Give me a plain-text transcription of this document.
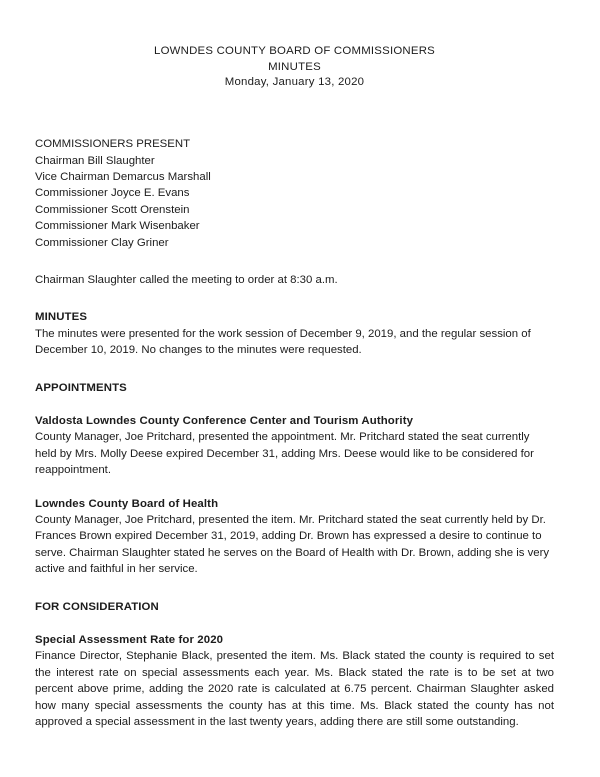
LOWNDES COUNTY BOARD OF COMMISSIONERS
MINUTES
Monday, January 13, 2020
COMMISSIONERS PRESENT
Chairman Bill Slaughter
Vice Chairman Demarcus Marshall
Commissioner Joyce E. Evans
Commissioner Scott Orenstein
Commissioner Mark Wisenbaker
Commissioner Clay Griner
Chairman Slaughter called the meeting to order at 8:30 a.m.
MINUTES
The minutes were presented for the work session of December 9, 2019, and the regular session of December 10, 2019. No changes to the minutes were requested.
APPOINTMENTS
Valdosta Lowndes County Conference Center and Tourism Authority
County Manager, Joe Pritchard, presented the appointment. Mr. Pritchard stated the seat currently held by Mrs. Molly Deese expired December 31, adding Mrs. Deese would like to be considered for reappointment.
Lowndes County Board of Health
County Manager, Joe Pritchard, presented the item. Mr. Pritchard stated the seat currently held by Dr. Frances Brown expired December 31, 2019, adding Dr. Brown has expressed a desire to continue to serve. Chairman Slaughter stated he serves on the Board of Health with Dr. Brown, adding she is very active and faithful in her service.
FOR CONSIDERATION
Special Assessment Rate for 2020
Finance Director, Stephanie Black, presented the item. Ms. Black stated the county is required to set the interest rate on special assessments each year. Ms. Black stated the rate is to be set at two percent above prime, adding the 2020 rate is calculated at 6.75 percent. Chairman Slaughter asked how many special assessments the county has at this time. Ms. Black stated the county has not approved a special assessment in the last twenty years, adding there are still some outstanding.
